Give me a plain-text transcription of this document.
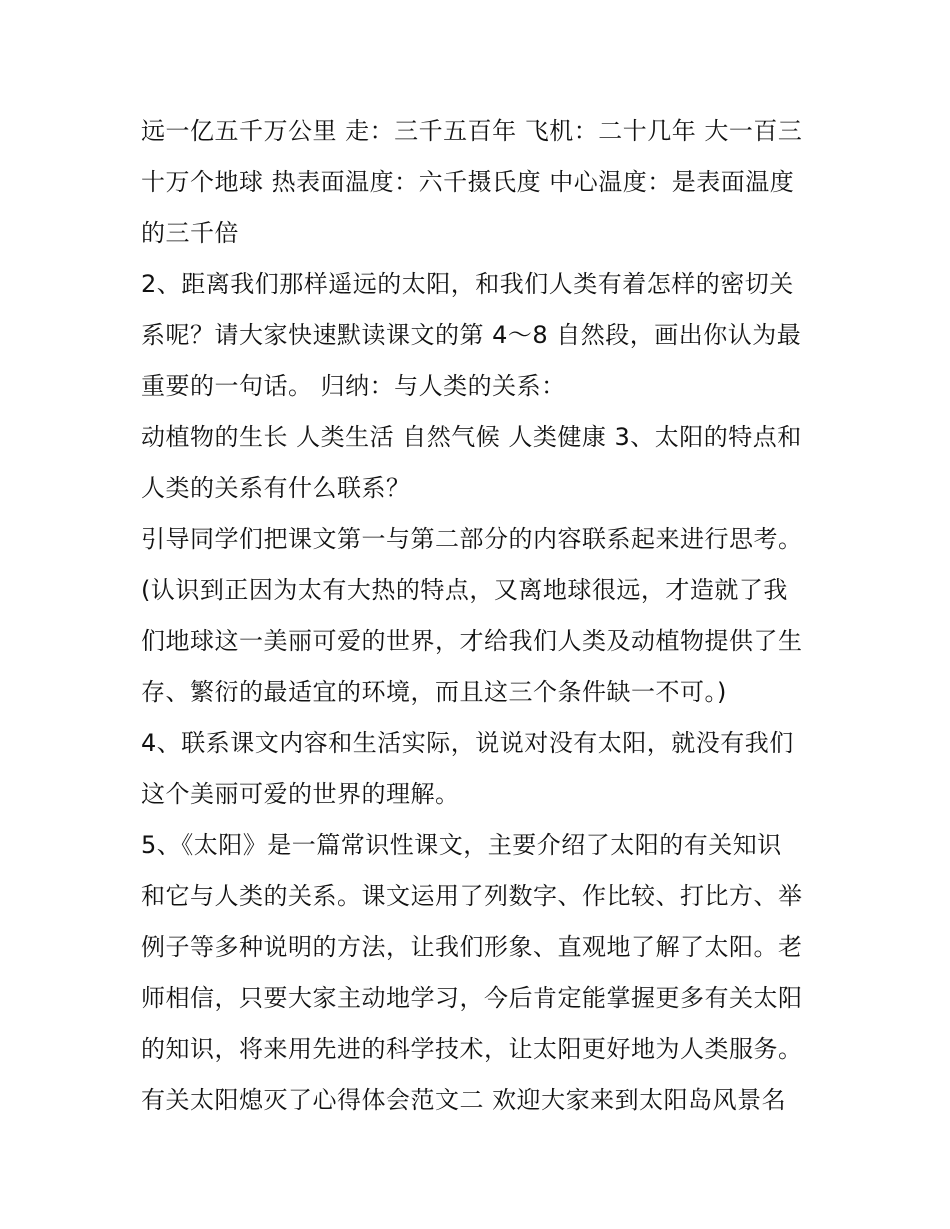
远一亿五千万公里 走：三千五百年 飞机：二十几年 大一百三
十万个地球 热表面温度：六千摄氏度 中心温度：是表面温度
的三千倍
2、距离我们那样遥远的太阳，和我们人类有着怎样的密切关
系呢？请大家快速默读课文的第 4～8 自然段，画出你认为最
重要的一句话。 归纳：与人类的关系：
动植物的生长 人类生活 自然气候 人类健康 3、太阳的特点和
人类的关系有什么联系？
引导同学们把课文第一与第二部分的内容联系起来进行思考。
(认识到正因为太有大热的特点，又离地球很远，才造就了我
们地球这一美丽可爱的世界，才给我们人类及动植物提供了生
存、繁衍的最适宜的环境，而且这三个条件缺一不可。)
4、联系课文内容和生活实际，说说对没有太阳，就没有我们
这个美丽可爱的世界的理解。
5、《太阳》是一篇常识性课文，主要介绍了太阳的有关知识
和它与人类的关系。课文运用了列数字、作比较、打比方、举
例子等多种说明的方法，让我们形象、直观地了解了太阳。老
师相信，只要大家主动地学习，今后肯定能掌握更多有关太阳
的知识，将来用先进的科学技术，让太阳更好地为人类服务。
有关太阳熄灭了心得体会范文二 欢迎大家来到太阳岛风景名
